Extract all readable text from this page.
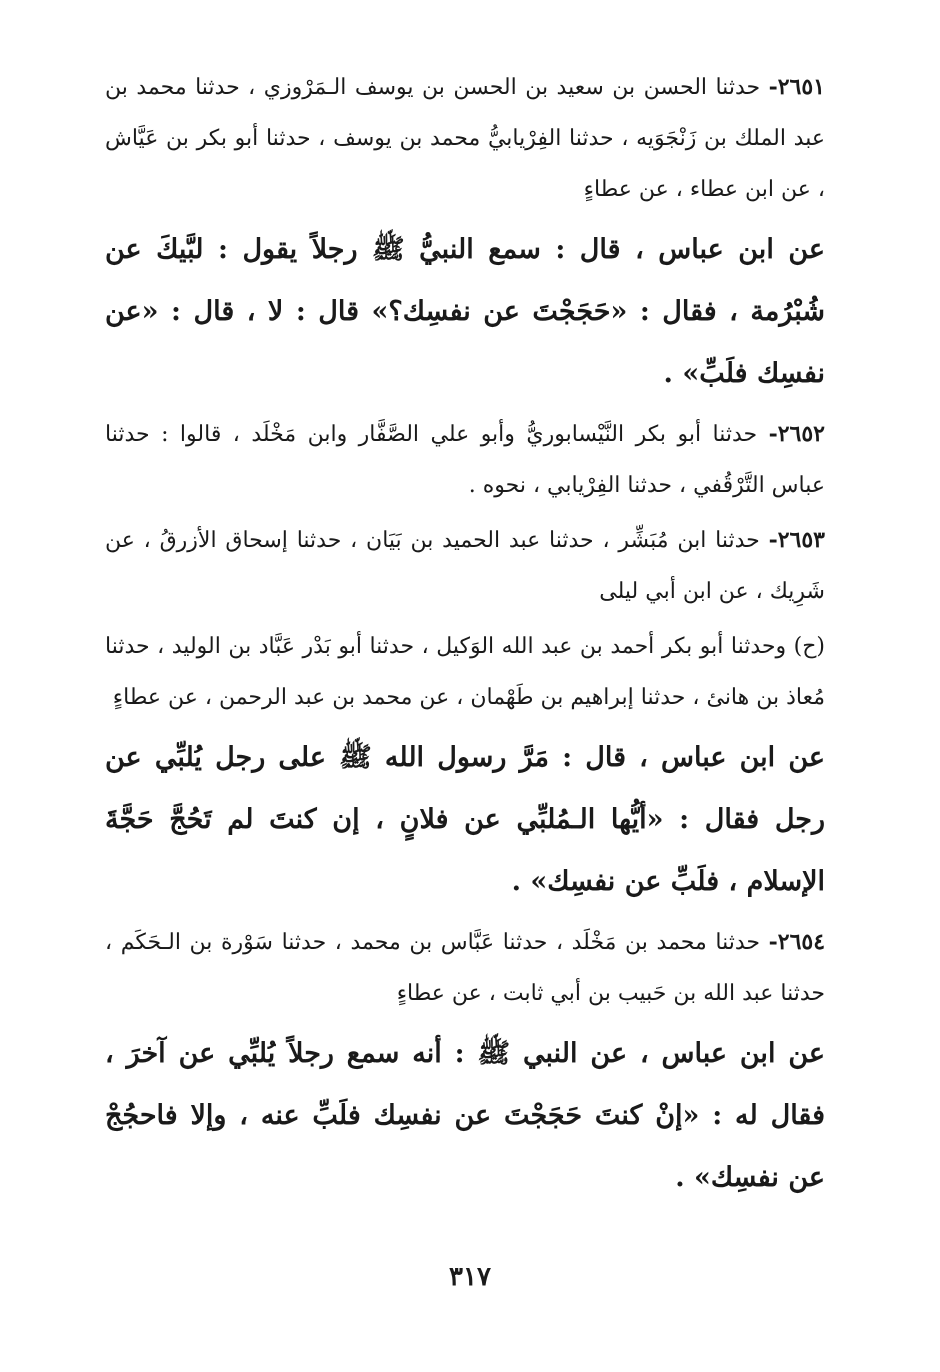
٢٦٥١- حدثنا الحسن بن سعيد بن الحسن بن يوسف الـمَرْوزي ، حدثنا محمد بن عبد الملك بن زَنْجَوَيه ، حدثنا الفِرْيابيُّ محمد بن يوسف ، حدثنا أبو بكر بن عَيَّاش ، عن ابن عطاء ، عن عطاءٍ

عن ابن عباس ، قال : سمع النبيُّ ﷺ رجلاً يقول : لبَّيكَ عن شُبْرُمة ، فقال : «حَجَجْتَ عن نفسِك؟» قال : لا ، قال : «عن نفسِك فلَبِّ» .

٢٦٥٢- حدثنا أبو بكر النَّيْسابوريُّ وأبو علي الصَّفَّار وابن مَخْلَد ، قالوا : حدثنا عباس التَّرْقُفي ، حدثنا الفِرْيابي ، نحوه .

٢٦٥٣- حدثنا ابن مُبَشِّر ، حدثنا عبد الحميد بن بَيَان ، حدثنا إسحاق الأزرقُ ، عن شَرِيك ، عن ابن أبي ليلى

(ح) وحدثنا أبو بكر أحمد بن عبد الله الوَكيل ، حدثنا أبو بَدْر عَبَّاد بن الوليد ، حدثنا مُعاذ بن هانئ ، حدثنا إبراهيم بن طَهْمان ، عن محمد بن عبد الرحمن ، عن عطاءٍ

عن ابن عباس ، قال : مَرَّ رسول الله ﷺ على رجل يُلبِّي عن رجل فقال : «أيُّها الـمُلبِّي عن فلانٍ ، إن كنتَ لم تَحُجَّ حَجَّةَ الإسلام ، فلَبِّ عن نفسِك» .

٢٦٥٤- حدثنا محمد بن مَخْلَد ، حدثنا عَبَّاس بن محمد ، حدثنا سَوْرة بن الـحَكَم ، حدثنا عبد الله بن حَبيب بن أبي ثابت ، عن عطاءٍ

عن ابن عباس ، عن النبي ﷺ : أنه سمع رجلاً يُلبِّي عن آخرَ ، فقال له : «إنْ كنتَ حَجَجْتَ عن نفسِك فلَبِّ عنه ، وإلا فاحجُجْ عن نفسِك» .

٣١٧
